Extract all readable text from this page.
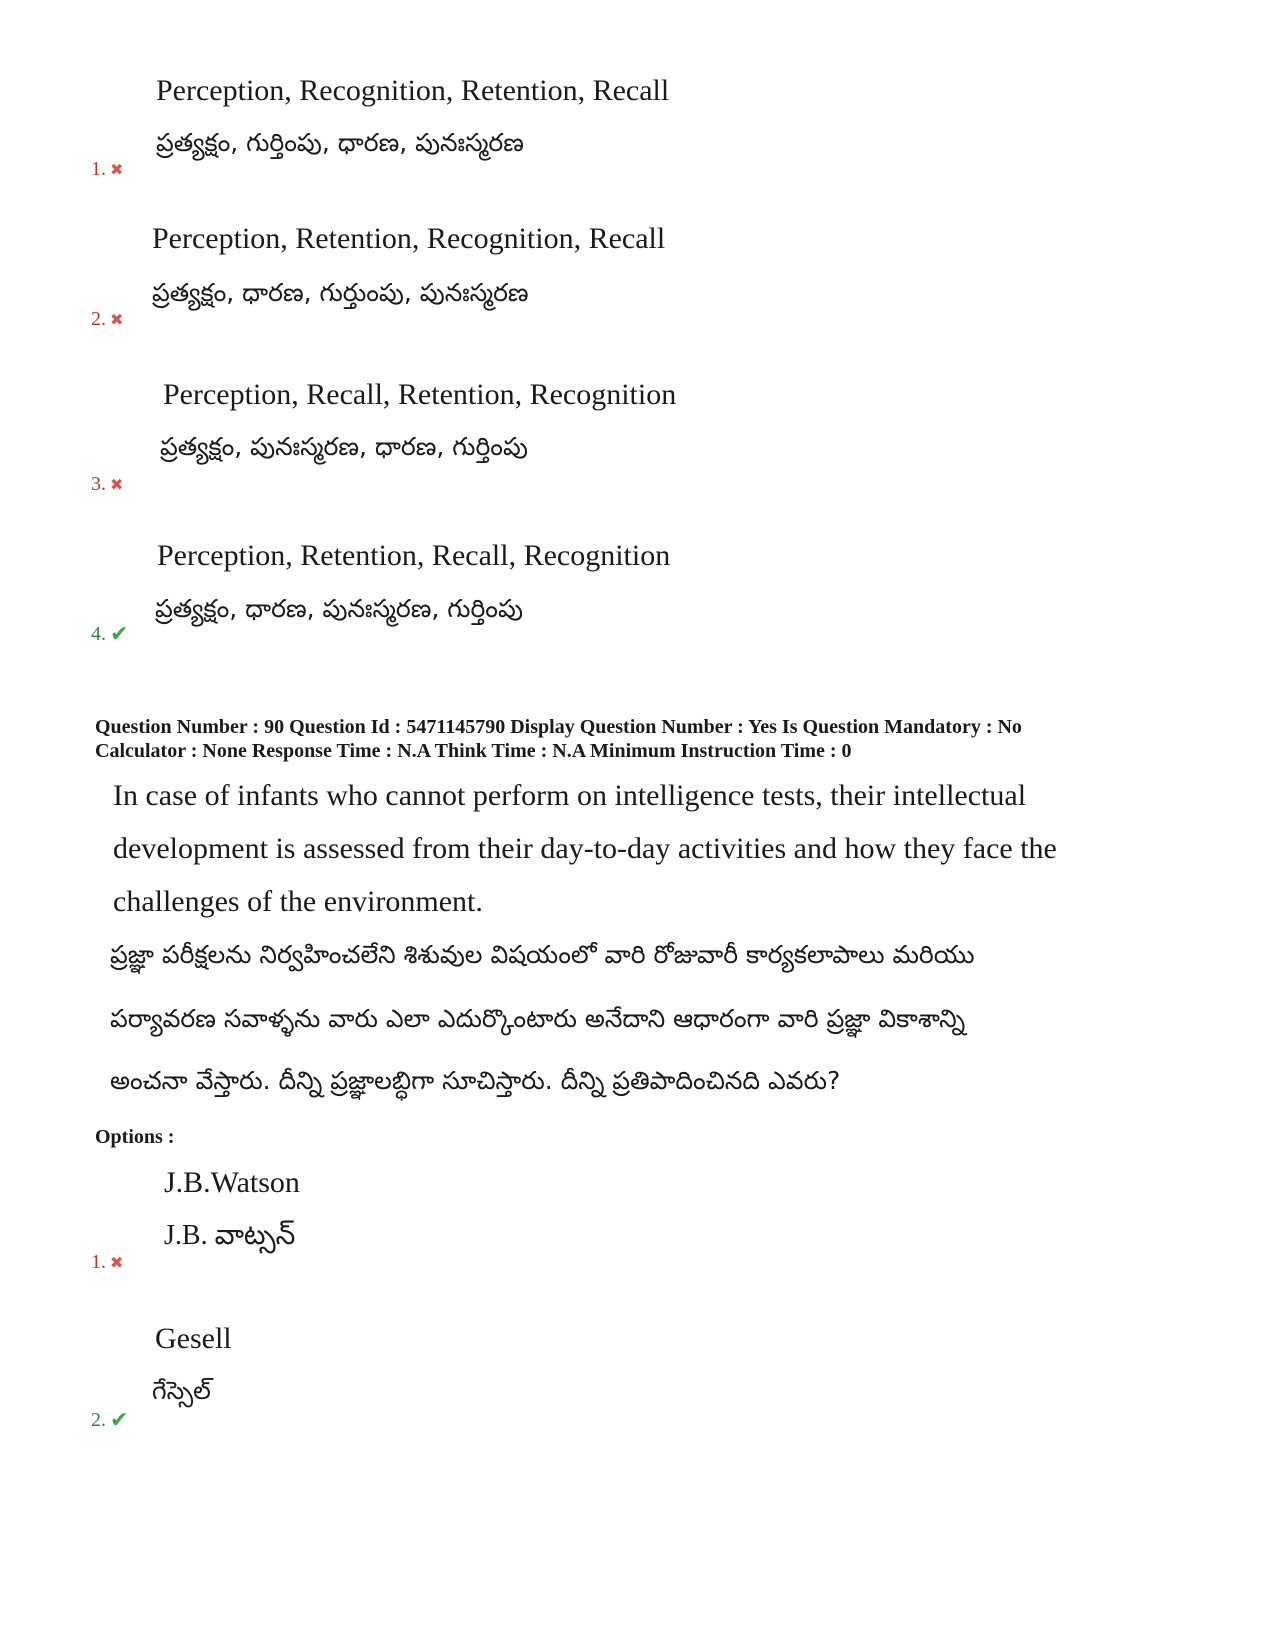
Perception, Recognition, Retention, Recall
ప్రత్యక్షం, గుర్తింపు, ధారణ, పునఃస్మరణ
1. ✖
Perception, Retention, Recognition, Recall
ప్రత్యక్షం, ధారణ, గుర్తుంపు, పునఃస్మరణ
2. ✖
Perception, Recall, Retention, Recognition
ప్రత్యక్షం, పునఃస్మరణ, ధారణ, గుర్తింపు
3. ✖
Perception, Retention, Recall, Recognition
ప్రత్యక్షం, ధారణ, పునఃస్మరణ, గుర్తింపు
4. ✔
Question Number : 90 Question Id : 5471145790 Display Question Number : Yes Is Question Mandatory : No
Calculator : None Response Time : N.A Think Time : N.A Minimum Instruction Time : 0
In case of infants who cannot perform on intelligence tests, their intellectual
development is assessed from their day-to-day activities and how they face the
challenges of the environment.
ప్రజ్ఞా పరీక్షలను నిర్వహించలేని శిశువుల విషయంలో వారి రోజువారీ కార్యకలాపాలు మరియు
పర్యావరణ సవాళ్ళను వారు ఎలా ఎదుర్కొంటారు అనేదాని ఆధారంగా వారి ప్రజ్ఞా వికాశాన్ని
అంచనా వేస్తారు. దీన్ని ప్రజ్ఞాలబ్ధిగా సూచిస్తారు. దీన్ని ప్రతిపాదించినది ఎవరు?
Options :
J.B.Watson
J.B. వాట్సన్
1. ✖
Gesell
గేస్సెల్
2. ✔
